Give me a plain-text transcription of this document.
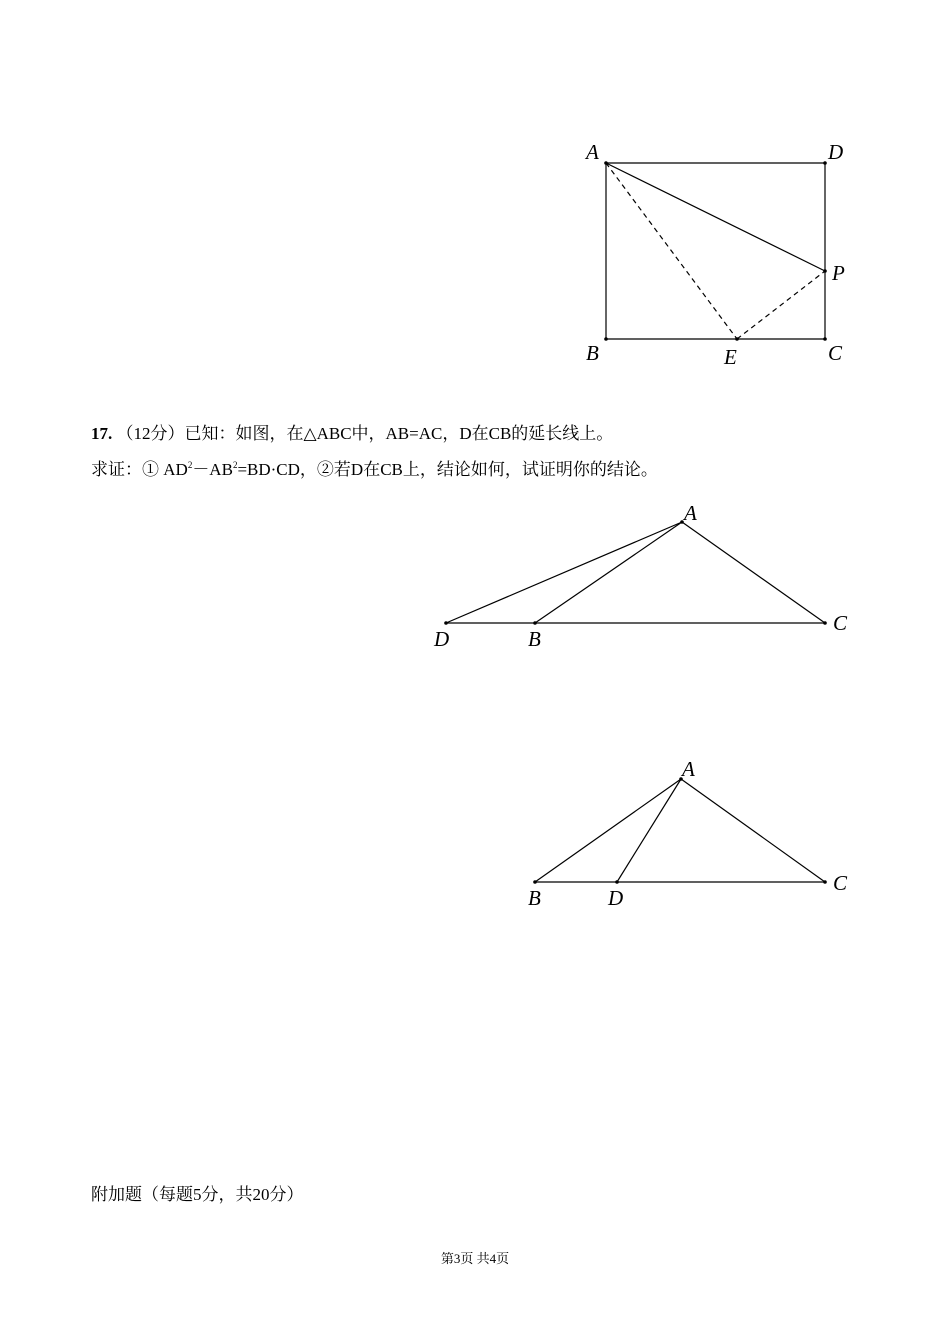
A	D
P
B	E	C
17. （12分）已知：如图，在△ABC中，AB=AC，D在CB的延长线上。
求证：① $AD^2-AB^2=BD\cdot CD$，②若D在CB上，结论如何，试证明你的结论。
A
D	B
C
A
B	D
C
附加题（每题5分，共20分）
第3页 共4页
